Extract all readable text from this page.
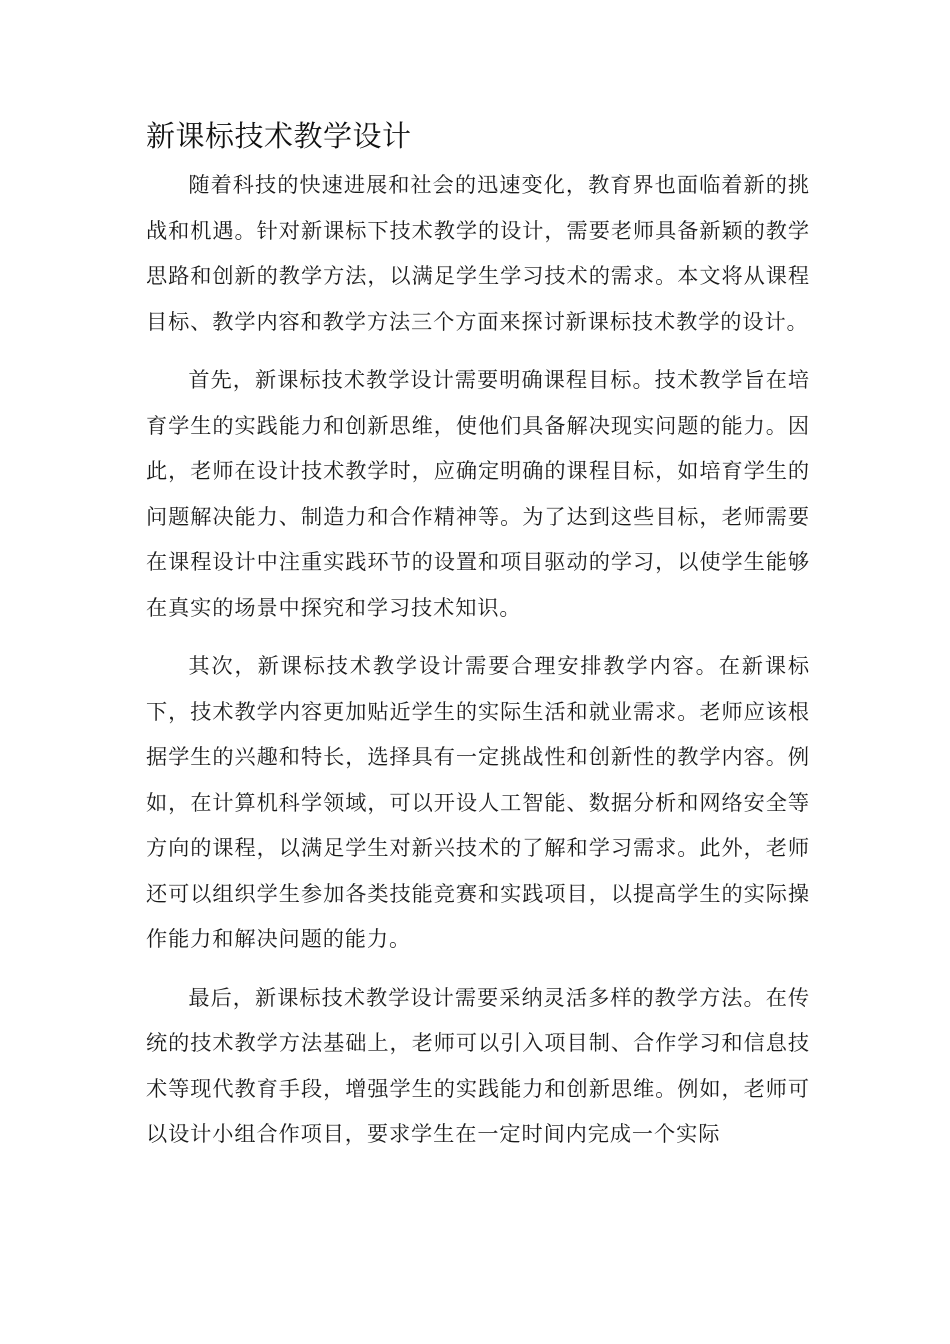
新课标技术教学设计

随着科技的快速进展和社会的迅速变化，教育界也面临着新的挑战和机遇。针对新课标下技术教学的设计，需要老师具备新颖的教学思路和创新的教学方法，以满足学生学习技术的需求。本文将从课程目标、教学内容和教学方法三个方面来探讨新课标技术教学的设计。

首先，新课标技术教学设计需要明确课程目标。技术教学旨在培育学生的实践能力和创新思维，使他们具备解决现实问题的能力。因此，老师在设计技术教学时，应确定明确的课程目标，如培育学生的问题解决能力、制造力和合作精神等。为了达到这些目标，老师需要在课程设计中注重实践环节的设置和项目驱动的学习，以使学生能够在真实的场景中探究和学习技术知识。

其次，新课标技术教学设计需要合理安排教学内容。在新课标下，技术教学内容更加贴近学生的实际生活和就业需求。老师应该根据学生的兴趣和特长，选择具有一定挑战性和创新性的教学内容。例如，在计算机科学领域，可以开设人工智能、数据分析和网络安全等方向的课程，以满足学生对新兴技术的了解和学习需求。此外，老师还可以组织学生参加各类技能竞赛和实践项目，以提高学生的实际操作能力和解决问题的能力。

最后，新课标技术教学设计需要采纳灵活多样的教学方法。在传统的技术教学方法基础上，老师可以引入项目制、合作学习和信息技术等现代教育手段，增强学生的实践能力和创新思维。例如，老师可以设计小组合作项目，要求学生在一定时间内完成一个实际
